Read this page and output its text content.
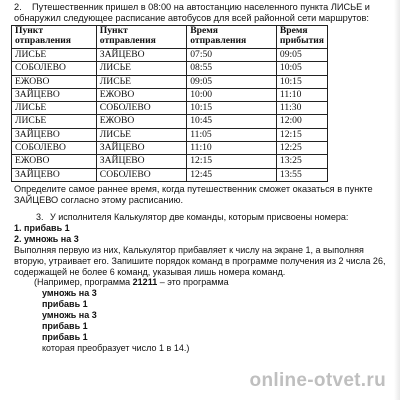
2. Путешественник пришел в 08:00 на автостанцию населенного пункта ЛИСЬЕ и обнаружил следующее расписание автобусов для всей районной сети маршрутов:
Пункт отправления	Пункт отправления	Время отправления	Время прибытия
ЛИСЬЕ	ЗАЙЦЕВО	07:50	09:05
СОБОЛЕВО	ЛИСЬЕ	08:55	10:05
ЕЖОВО	ЛИСЬЕ	09:05	10:15
ЗАЙЦЕВО	ЕЖОВО	10:00	11:10
ЛИСЬЕ	СОБОЛЕВО	10:15	11:30
ЛИСЬЕ	ЕЖОВО	10:45	12:00
ЗАЙЦЕВО	ЛИСЬЕ	11:05	12:15
СОБОЛЕВО	ЗАЙЦЕВО	11:10	12:25
ЕЖОВО	ЗАЙЦЕВО	12:15	13:25
ЗАЙЦЕВО	СОБОЛЕВО	12:45	13:55
Определите самое раннее время, когда путешественник сможет оказаться в пункте ЗАЙЦЕВО согласно этому расписанию.
3. У исполнителя Калькулятор две команды, которым присвоены номера:
1. прибавь 1
2. умножь на 3
Выполняя первую из них, Калькулятор прибавляет к числу на экране 1, а выполняя вторую, утраивает его. Запишите порядок команд в программе получения из 2 числа 26, содержащей не более 6 команд, указывая лишь номера команд.
(Например, программа 21211 – это программа
умножь на 3
прибавь 1
умножь на 3
прибавь 1
прибавь 1
которая преобразует число 1 в 14.)
online-otvet.ru
